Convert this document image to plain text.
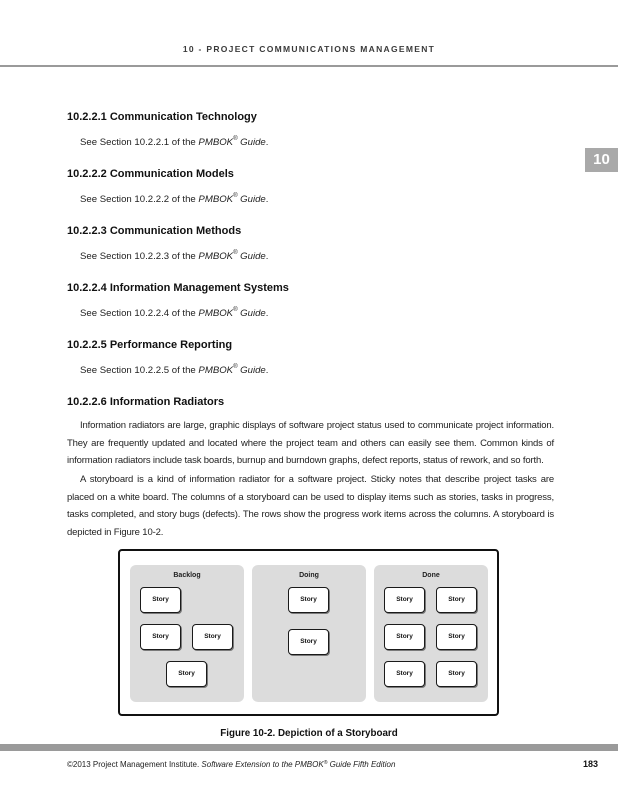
10 - PROJECT COMMUNICATIONS MANAGEMENT
10
10.2.2.1 Communication Technology
See Section 10.2.2.1 of the PMBOK® Guide.
10.2.2.2 Communication Models
See Section 10.2.2.2 of the PMBOK® Guide.
10.2.2.3 Communication Methods
See Section 10.2.2.3 of the PMBOK® Guide.
10.2.2.4 Information Management Systems
See Section 10.2.2.4 of the PMBOK® Guide.
10.2.2.5 Performance Reporting
See Section 10.2.2.5 of the PMBOK® Guide.
10.2.2.6 Information Radiators

Information radiators are large, graphic displays of software project status used to communicate project information. They are frequently updated and located where the project team and others can easily see them. Common kinds of information radiators include task boards, burnup and burndown graphs, defect reports, status of rework, and so forth.

A storyboard is a kind of information radiator for a software project. Sticky notes that describe project tasks are placed on a white board. The columns of a storyboard can be used to display items such as stories, tasks in progress, tasks completed, and story bugs (defects). The rows show the progress work items across the columns. A storyboard is depicted in Figure 10-2.

Backlog
Story
Story	Story
Story
Doing
Story
Story
Done
Story	Story
Story	Story
Story	Story
Figure 10-2. Depiction of a Storyboard
©2013 Project Management Institute. Software Extension to the PMBOK® Guide Fifth Edition	183
